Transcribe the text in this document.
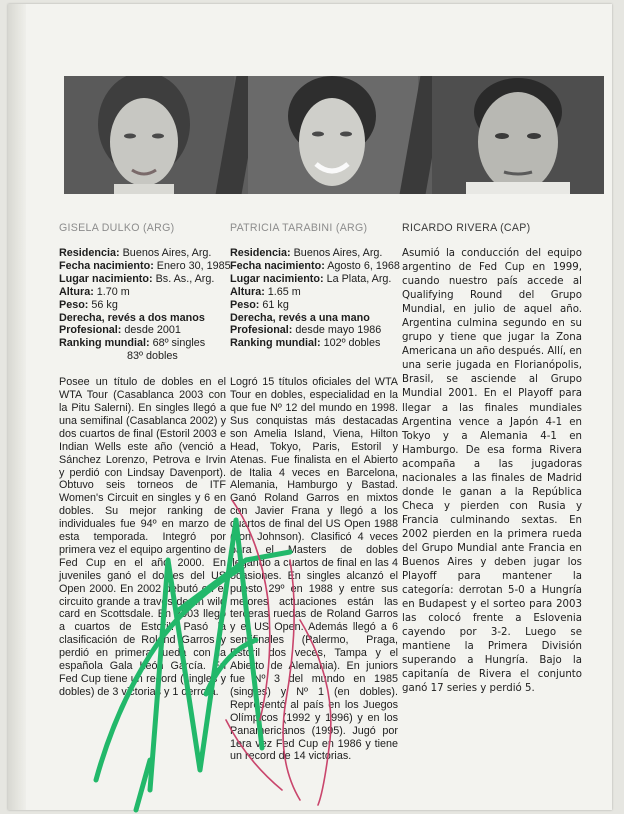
GISELA DULKO (ARG)

Residencia: Buenos Aires, Arg.

Fecha nacimiento: Enero 30, 1985

Lugar nacimiento: Bs. As., Arg.

Altura: 1.70 m

Peso: 56 kg

Derecha, revés a dos manos

Profesional: desde 2001

Ranking mundial: 68º singles

83º dobles

Posee un título de dobles en el WTA Tour (Casablanca 2003 con la Pitu Salerni). En singles llegó a una semifinal (Casablanca 2002) y dos cuartos de final (Estoril 2003 e Indian Wells este año (venció a Sánchez Lorenzo, Petrova e Irvin y perdió con Lindsay Davenport). Obtuvo seis torneos de ITF Women's Circuit en singles y 6 en dobles. Su mejor ranking de individuales fue 94º en marzo de esta temporada. Integró por primera vez el equipo argentino de Fed Cup en el año 2000. En juveniles ganó el dobles del US Open 2000. En 2002 debutó en el circuito grande a través de un wild card en Scottsdale. En 2003 llegó a cuartos de Estoril. Pasó la clasificación de Roland Garros y perdió en primera rueda con la española Gala León García. En Fed Cup tiene un record (singles y dobles) de 3 victorias y 1 derrota.
PATRICIA TARABINI (ARG)

Residencia: Buenos Aires, Arg.

Fecha nacimiento: Agosto 6, 1968

Lugar nacimiento: La Plata, Arg.

Altura: 1.65 m

Peso: 61 kg

Derecha, revés a una mano

Profesional: desde mayo 1986

Ranking mundial: 102º dobles

Logró 15 títulos oficiales del WTA Tour en dobles, especialidad en la que fue Nº 12 del mundo en 1998. Sus conquistas más destacadas son Amelia Island, Viena, Hilton Head, Tokyo, Paris, Estoril y Atenas. Fue finalista en el Abierto de Italia 4 veces en Barcelona, Alemania, Hamburgo y Bastad. Ganó Roland Garros en mixtos con Javier Frana y llegó a los cuartos de final del US Open 1988 (con Johnson). Clasificó 4 veces para el Masters de dobles llegando a cuartos de final en las 4 ocasiones. En singles alcanzó el puesto 29º en 1988 y entre sus mejores actuaciones están las terceras ruedas de Roland Garros y el US Open. Además llegó a 6 semifinales (Palermo, Praga, Estoril dos veces, Tampa y el Abierto de Alemania). En juniors fue Nº 3 del mundo en 1985 (singles) y Nº 1 (en dobles). Representó al país en los Juegos Olímpicos (1992 y 1996) y en los Panamericanos (1995). Jugó por 1era vez Fed Cup en 1986 y tiene un record de 14 victorias.
RICARDO RIVERA (CAP)
Asumió la conducción del equipo argentino de Fed Cup en 1999, cuando nuestro país accede al Qualifying Round del Grupo Mundial, en julio de aquel año. Argentina culmina segundo en su grupo y tiene que jugar la Zona Americana un año después. Allí, en una serie jugada en Florianópolis, Brasil, se asciende al Grupo Mundial 2001. En el Playoff para llegar a las finales mundiales Argentina vence a Japón 4-1 en Tokyo y a Alemania 4-1 en Hamburgo. De esa forma Rivera acompaña a las jugadoras nacionales a las finales de Madrid donde le ganan a la República Checa y pierden con Rusia y Francia culminando sextas. En 2002 pierden en la primera rueda del Grupo Mundial ante Francia en Buenos Aires y deben jugar los Playoff para mantener la categoría: derrotan 5-0 a Hungría en Budapest y el sorteo para 2003 las colocó frente a Eslovenia cayendo por 3-2. Luego se mantiene la Primera División superando a Hungría. Bajo la capitanía de Rivera el conjunto ganó 17 series y perdió 5.
